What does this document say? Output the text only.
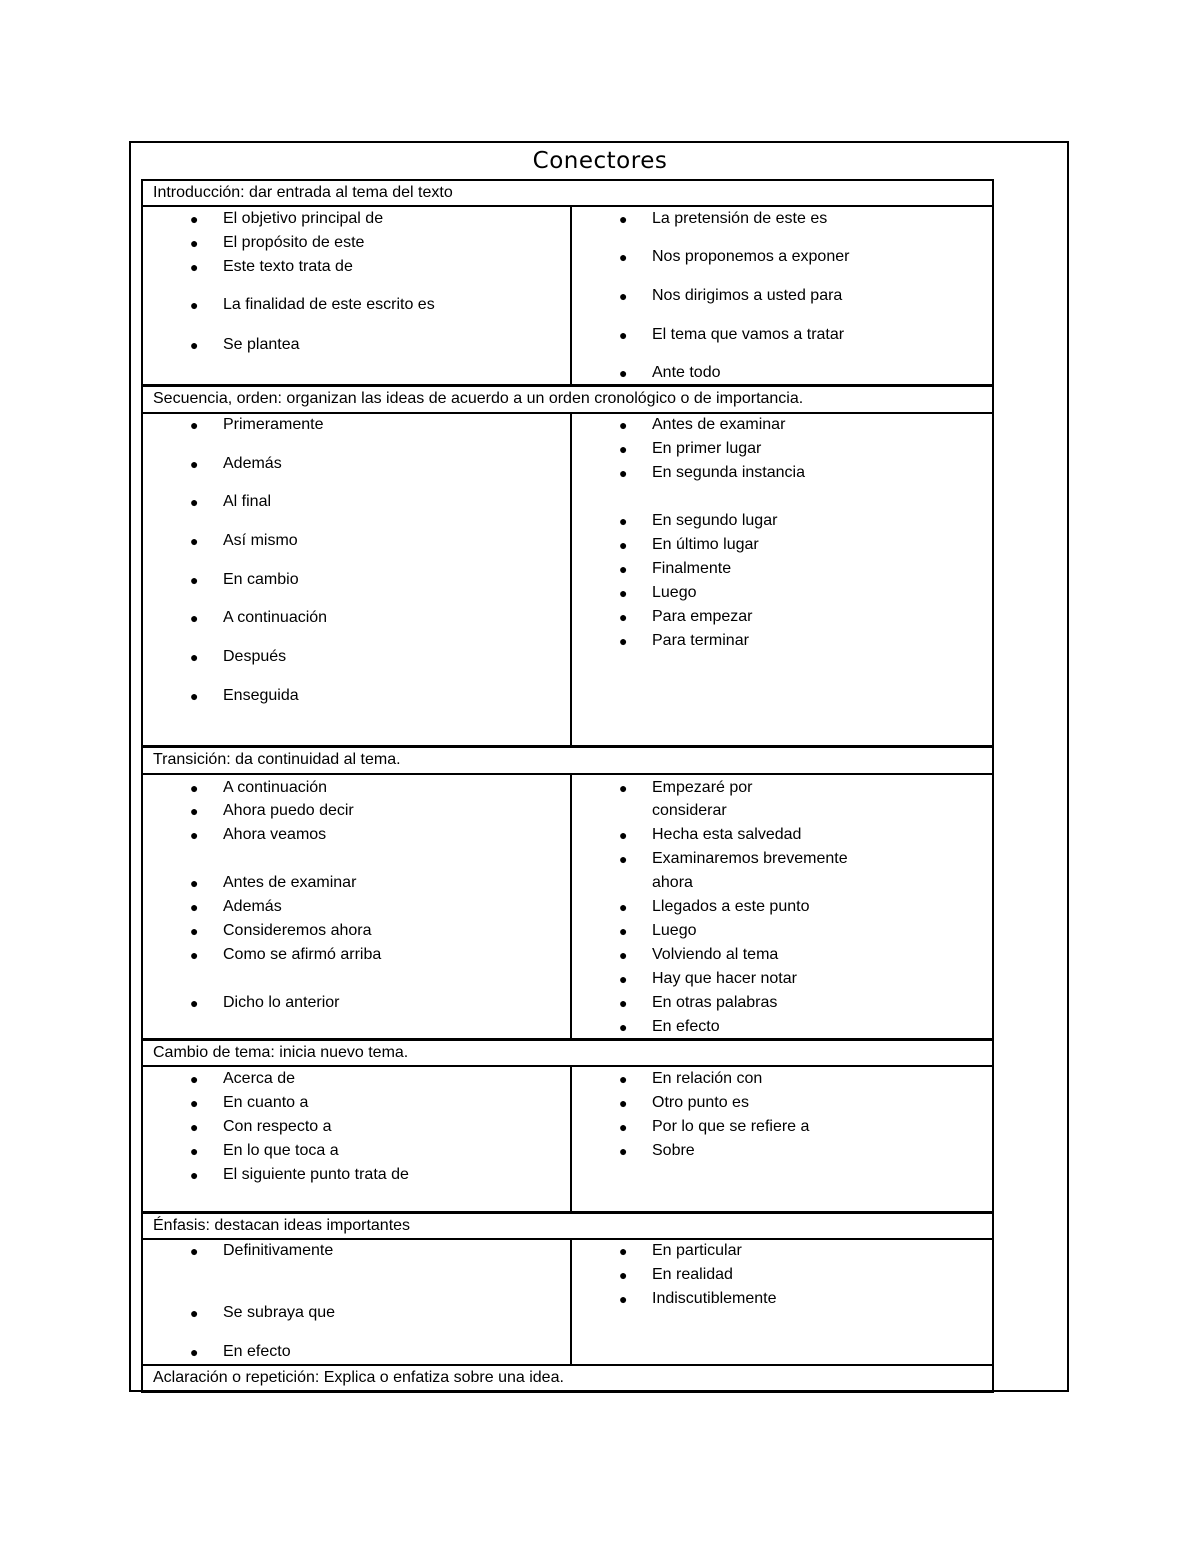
Conectores
Introducción: dar entrada al tema del texto
● El objetivo principal de
● El propósito de este
● Este texto trata de
● La finalidad de este escrito es
● Se plantea
● La pretensión de este es
● Nos proponemos a exponer
● Nos dirigimos a usted para
● El tema que vamos a tratar
● Ante todo
Secuencia, orden: organizan las ideas de acuerdo a un orden cronológico o de importancia.
● Primeramente
● Además
● Al final
● Así mismo
● En cambio
● A continuación
● Después
● Enseguida
● Antes de examinar
● En primer lugar
● En segunda instancia
● En segundo lugar
● En último lugar
● Finalmente
● Luego
● Para empezar
● Para terminar
Transición: da continuidad al tema.
● A continuación
● Ahora puedo decir
● Ahora veamos
● Antes de examinar
● Además
● Consideremos ahora
● Como se afirmó arriba
● Dicho lo anterior
● Empezaré por
considerar
● Hecha esta salvedad
● Examinaremos brevemente
ahora
● Llegados a este punto
● Luego
● Volviendo al tema
● Hay que hacer notar
● En otras palabras
● En efecto
Cambio de tema: inicia nuevo tema.
● Acerca de
● En cuanto a
● Con respecto a
● En lo que toca a
● El siguiente punto trata de
● En relación con
● Otro punto es
● Por lo que se refiere a
● Sobre
Énfasis: destacan ideas importantes
● Definitivamente
● Se subraya que
● En efecto
● En particular
● En realidad
● Indiscutiblemente
Aclaración o repetición: Explica o enfatiza sobre una idea.
